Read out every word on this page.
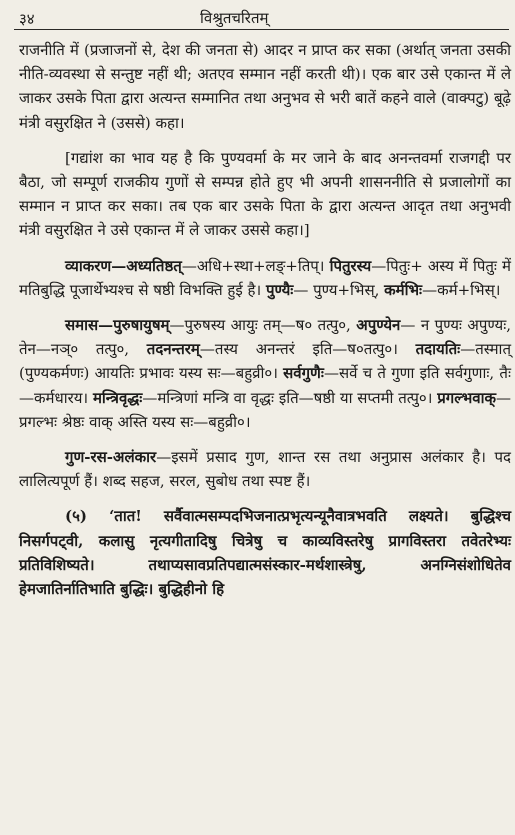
३४	विश्रुतचरितम्

राजनीति में (प्रजाजनों से, देश की जनता से) आदर न प्राप्त कर सका (अर्थात् जनता उसकी नीति-व्यवस्था से सन्तुष्ट नहीं थी; अतएव सम्मान नहीं करती थी)। एक बार उसे एकान्त में ले जाकर उसके पिता द्वारा अत्यन्त सम्मानित तथा अनुभव से भरी बातें कहने वाले (वाक्पटु) बूढ़े मंत्री वसुरक्षित ने (उससे) कहा।

[गद्यांश का भाव यह है कि पुण्यवर्मा के मर जाने के बाद अनन्तवर्मा राजगद्दी पर बैठा, जो सम्पूर्ण राजकीय गुणों से सम्पन्न होते हुए भी अपनी शासननीति से प्रजालोगों का सम्मान न प्राप्त कर सका। तब एक बार उसके पिता के द्वारा अत्यन्त आदृत तथा अनुभवी मंत्री वसुरक्षित ने उसे एकान्त में ले जाकर उससे कहा।]

व्याकरण—अध्यतिष्ठत्—अधि+स्था+लङ्+तिप्। पितुरस्य—पितुः+ अस्य में पितुः में मतिबुद्धि पूजार्थेभ्यश्च से षष्ठी विभक्ति हुई है। पुण्यैः— पुण्य+भिस्, कर्मभिः—कर्म+भिस्।

समास—पुरुषायुषम्—पुरुषस्य आयुः तम्—ष० तत्पु०, अपुण्येन— न पुण्यः अपुण्यः, तेन—नञ्० तत्पु०, तदनन्तरम्—तस्य अनन्तरं इति—ष०तत्पु०। तदायतिः—तस्मात् (पुण्यकर्मणः) आयतिः प्रभावः यस्य सः—बहुव्री०। सर्वगुणैः—सर्वे च ते गुणा इति सर्वगुणाः, तैः—कर्मधारय। मन्त्रिवृद्धः—मन्त्रिणां मन्त्रि वा वृद्धः इति—षष्ठी या सप्तमी तत्पु०। प्रगल्भवाक्—प्रगल्भः श्रेष्ठः वाक् अस्ति यस्य सः—बहुव्री०।

गुण-रस-अलंकार—इसमें प्रसाद गुण, शान्त रस तथा अनुप्रास अलंकार है। पद लालित्यपूर्ण हैं। शब्द सहज, सरल, सुबोध तथा स्पष्ट हैं।

(५) ‘तात! सर्वैवात्मसम्पदभिजनात्प्रभृत्यन्यूनैवात्रभवति लक्ष्यते। बुद्धिश्च निसर्गपट्वी, कलासु नृत्यगीतादिषु चित्रेषु च काव्यविस्तरेषु प्रागविस्तरा तवेतरेभ्यः प्रतिविशिष्यते। तथाप्यसावप्रतिपद्यात्मसंस्कार-मर्थशास्त्रेषु, अनग्निसंशोधितेव हेमजातिर्नातिभाति बुद्धिः। बुद्धिहीनो हि
